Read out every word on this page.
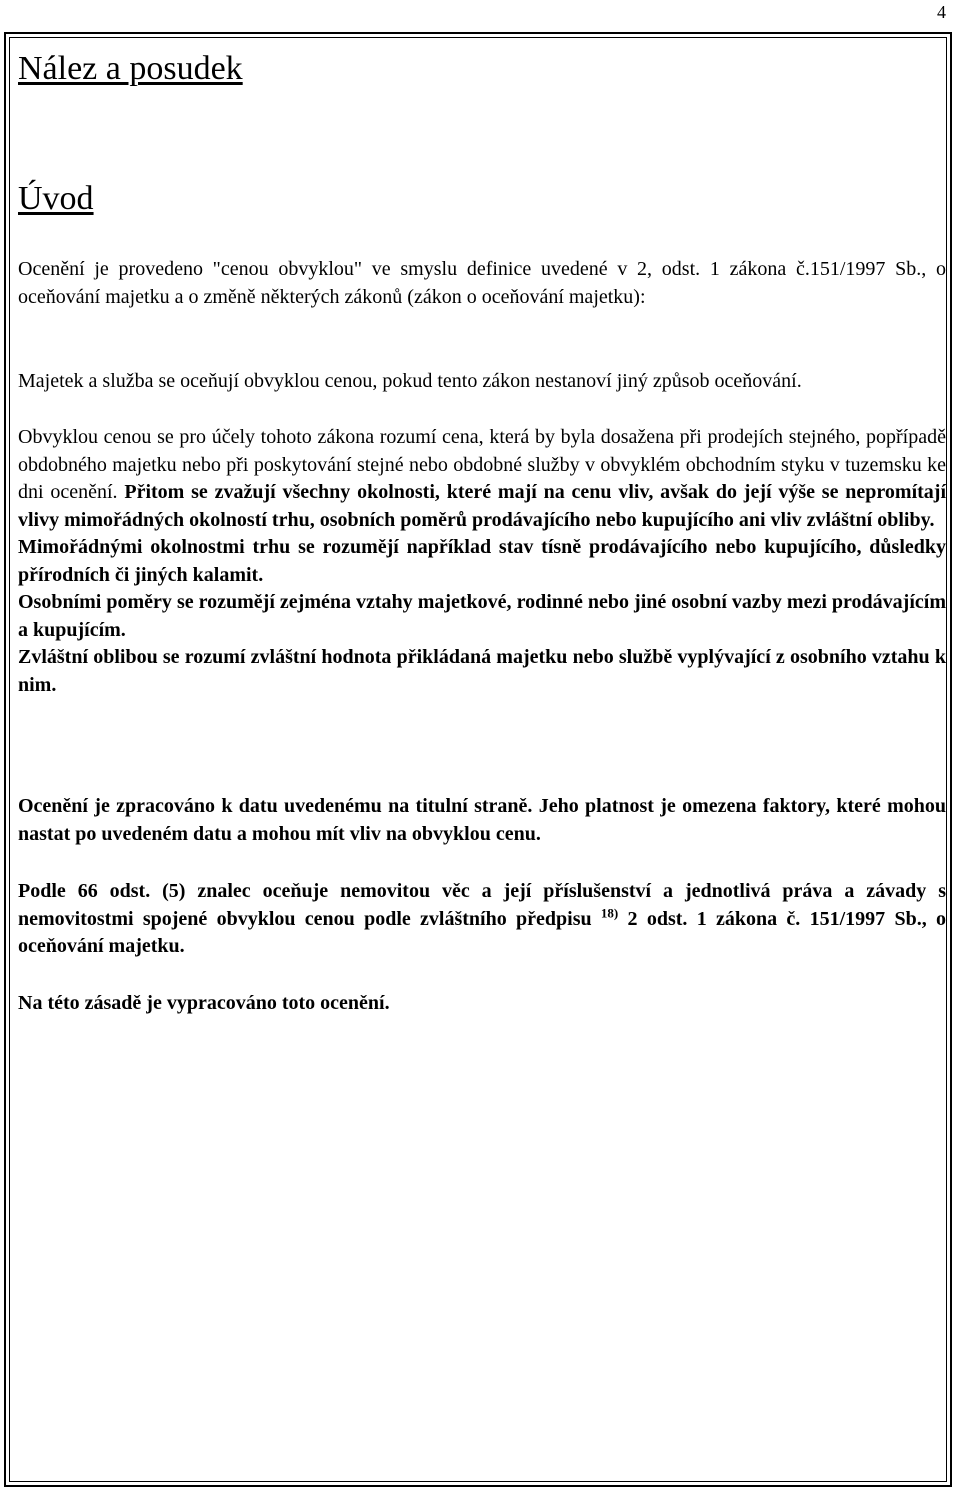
4
Nález a posudek
Úvod
Ocenění je provedeno "cenou obvyklou" ve smyslu definice uvedené v 2, odst. 1 zákona č.151/1997 Sb., o oceňování majetku a o změně některých zákonů (zákon o oceňování majetku):
Majetek a služba se oceňují obvyklou cenou, pokud tento zákon nestanoví jiný způsob oceňování.
Obvyklou cenou se pro účely tohoto zákona rozumí cena, která by byla dosažena při prodejích stejného, popřípadě obdobného majetku nebo při poskytování stejné nebo obdobné služby v obvyklém obchodním styku v tuzemsku ke dni ocenění. Přitom se zvažují všechny okolnosti, které mají na cenu vliv, avšak do její výše se nepromítají vlivy mimořádných okolností trhu, osobních poměrů prodávajícího nebo kupujícího ani vliv zvláštní obliby.
Mimořádnými okolnostmi trhu se rozumějí například stav tísně prodávajícího nebo kupujícího, důsledky přírodních či jiných kalamit.
Osobními poměry se rozumějí zejména vztahy majetkové, rodinné nebo jiné osobní vazby mezi prodávajícím a kupujícím.
Zvláštní oblibou se rozumí zvláštní hodnota přikládaná majetku nebo službě vyplývající z osobního vztahu k nim.
Ocenění je zpracováno k datu uvedenému na titulní straně. Jeho platnost je omezena faktory, které mohou nastat po uvedeném datu a mohou mít vliv na obvyklou cenu.
Podle 66 odst. (5) znalec oceňuje nemovitou věc a její příslušenství a jednotlivá práva a závady s nemovitostmi spojené obvyklou cenou podle zvláštního předpisu $^{18)}$ 2 odst. 1 zákona č. 151/1997 Sb., o oceňování majetku.
Na této zásadě je vypracováno toto ocenění.
